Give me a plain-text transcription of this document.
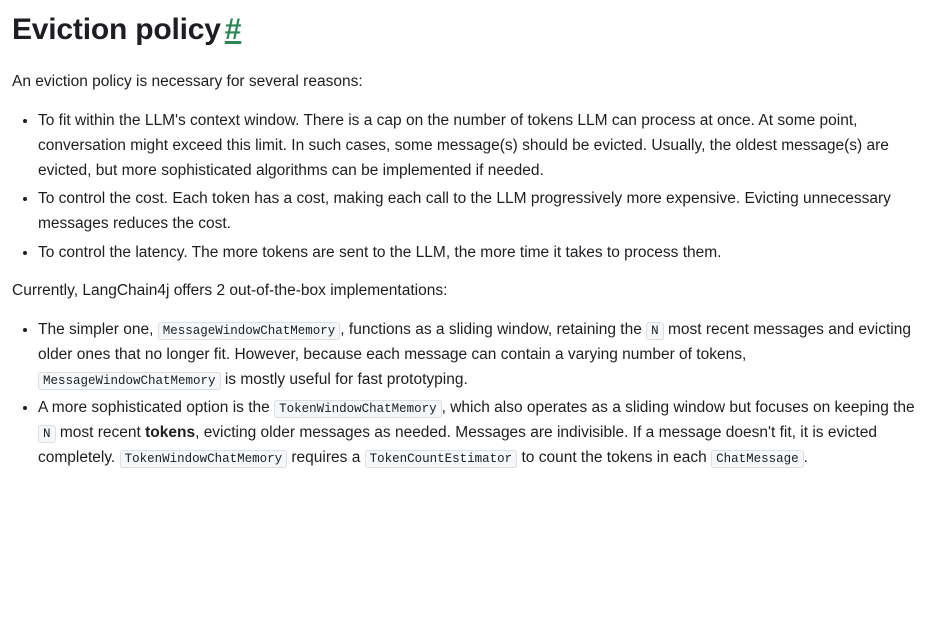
Eviction policy #

An eviction policy is necessary for several reasons:

• To fit within the LLM's context window. There is a cap on the number of tokens LLM can process at once. At some point, conversation might exceed this limit. In such cases, some message(s) should be evicted. Usually, the oldest message(s) are evicted, but more sophisticated algorithms can be implemented if needed.
• To control the cost. Each token has a cost, making each call to the LLM progressively more expensive. Evicting unnecessary messages reduces the cost.
• To control the latency. The more tokens are sent to the LLM, the more time it takes to process them.

Currently, LangChain4j offers 2 out-of-the-box implementations:

• The simpler one, MessageWindowChatMemory , functions as a sliding window, retaining the N most recent messages and evicting older ones that no longer fit. However, because each message can contain a varying number of tokens, MessageWindowChatMemory is mostly useful for fast prototyping.
• A more sophisticated option is the TokenWindowChatMemory , which also operates as a sliding window but focuses on keeping the N most recent tokens, evicting older messages as needed. Messages are indivisible. If a message doesn't fit, it is evicted completely. TokenWindowChatMemory requires a TokenCountEstimator to count the tokens in each ChatMessage .
